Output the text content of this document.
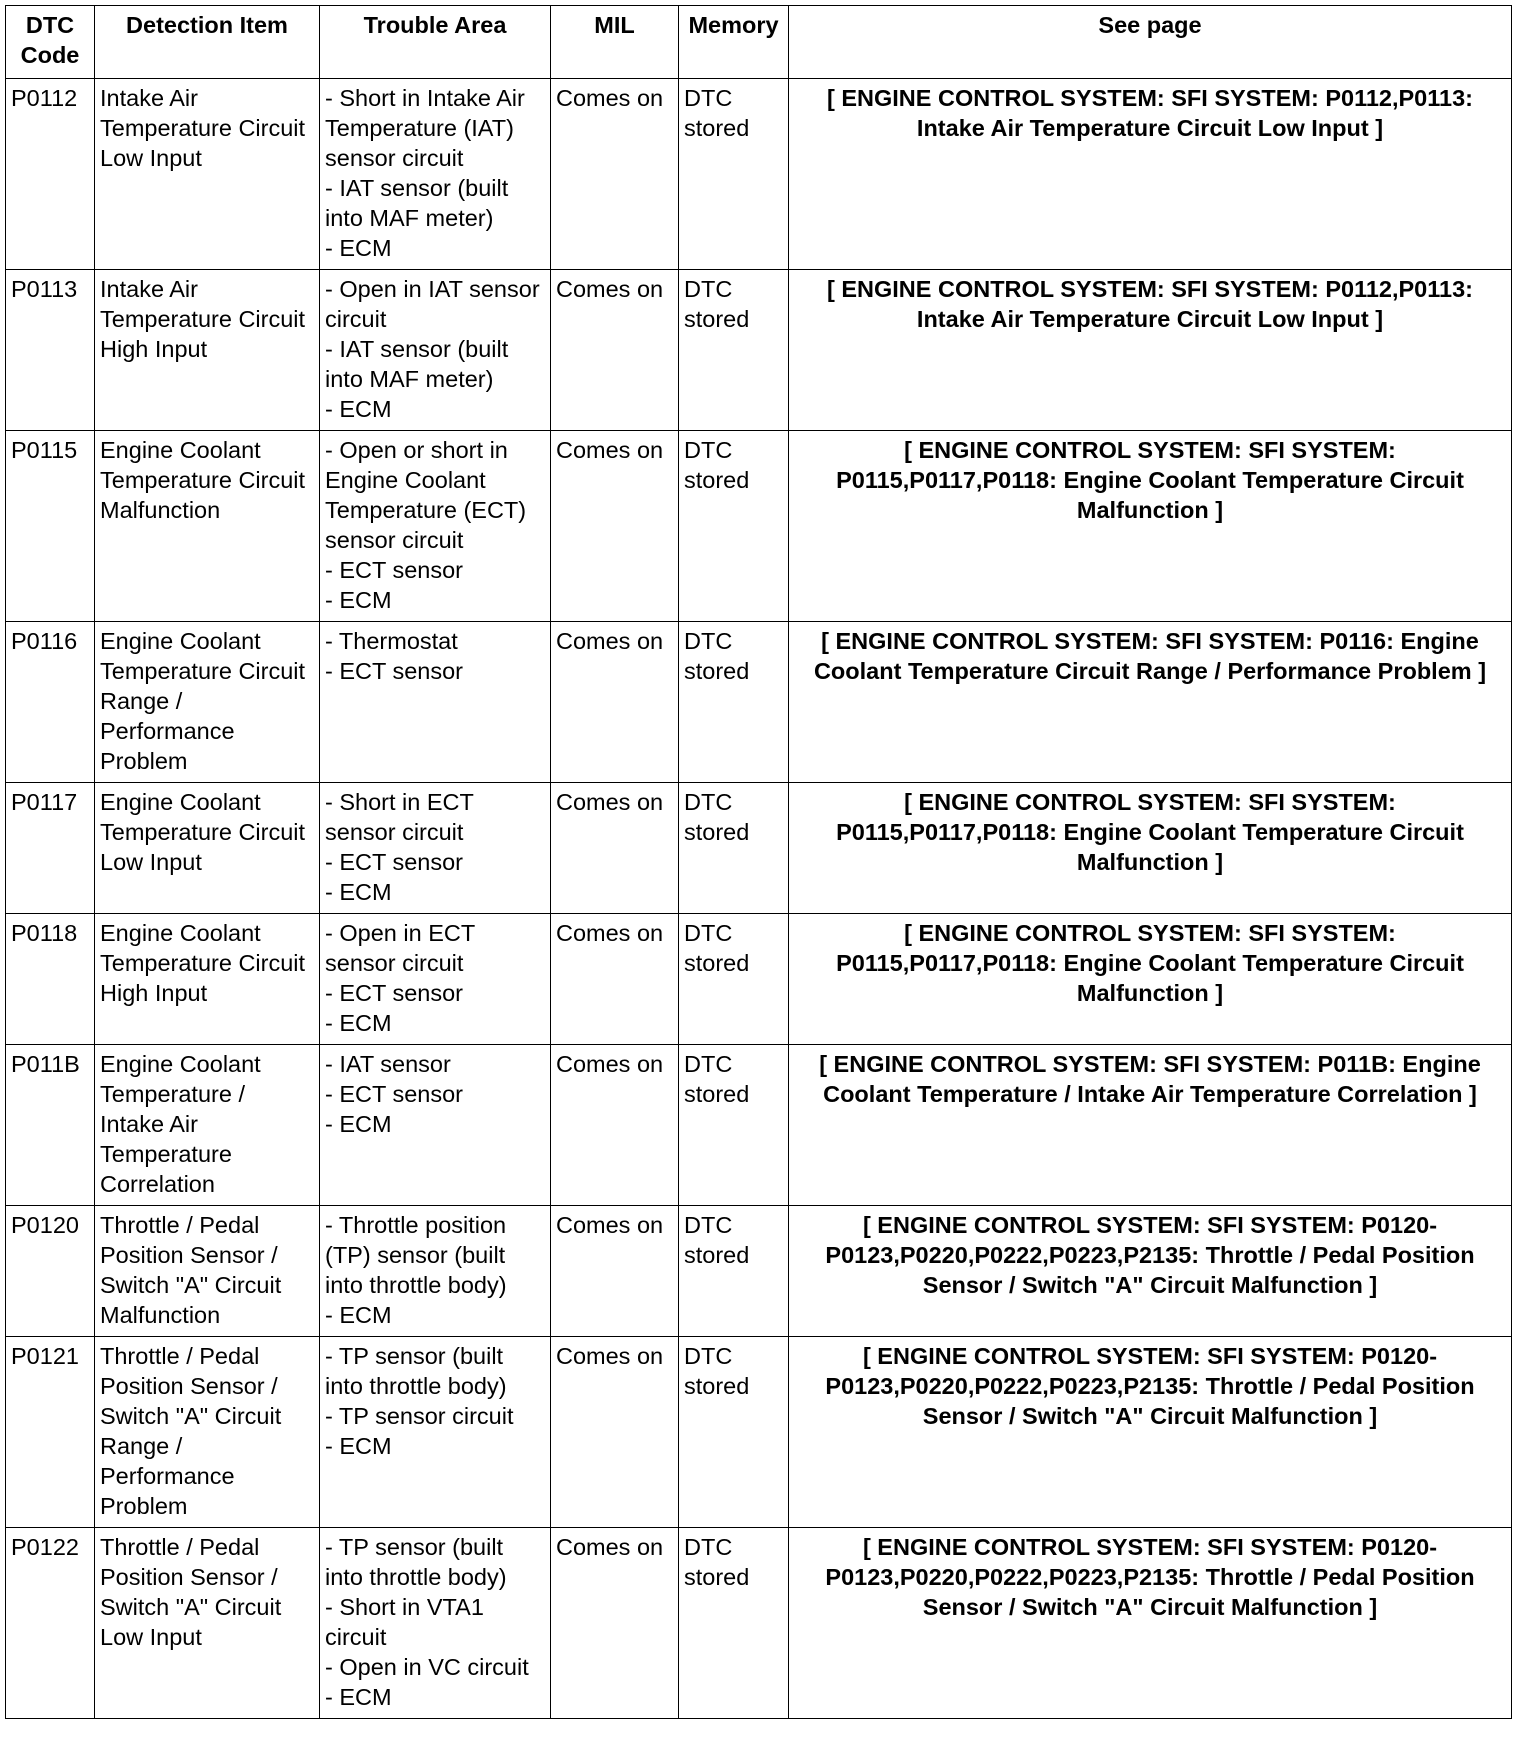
DTC Code	Detection Item	Trouble Area	MIL	Memory	See page
P0112	Intake Air Temperature Circuit Low Input	- Short in Intake Air Temperature (IAT) sensor circuit
- IAT sensor (built into MAF meter)
- ECM	Comes on	DTC stored	[ ENGINE CONTROL SYSTEM: SFI SYSTEM: P0112,P0113: Intake Air Temperature Circuit Low Input ]
P0113	Intake Air Temperature Circuit High Input	- Open in IAT sensor circuit
- IAT sensor (built into MAF meter)
- ECM	Comes on	DTC stored	[ ENGINE CONTROL SYSTEM: SFI SYSTEM: P0112,P0113: Intake Air Temperature Circuit Low Input ]
P0115	Engine Coolant Temperature Circuit Malfunction	- Open or short in Engine Coolant Temperature (ECT) sensor circuit
- ECT sensor
- ECM	Comes on	DTC stored	[ ENGINE CONTROL SYSTEM: SFI SYSTEM: P0115,P0117,P0118: Engine Coolant Temperature Circuit Malfunction ]
P0116	Engine Coolant Temperature Circuit Range / Performance Problem	- Thermostat
- ECT sensor	Comes on	DTC stored	[ ENGINE CONTROL SYSTEM: SFI SYSTEM: P0116: Engine Coolant Temperature Circuit Range / Performance Problem ]
P0117	Engine Coolant Temperature Circuit Low Input	- Short in ECT sensor circuit
- ECT sensor
- ECM	Comes on	DTC stored	[ ENGINE CONTROL SYSTEM: SFI SYSTEM: P0115,P0117,P0118: Engine Coolant Temperature Circuit Malfunction ]
P0118	Engine Coolant Temperature Circuit High Input	- Open in ECT sensor circuit
- ECT sensor
- ECM	Comes on	DTC stored	[ ENGINE CONTROL SYSTEM: SFI SYSTEM: P0115,P0117,P0118: Engine Coolant Temperature Circuit Malfunction ]
P011B	Engine Coolant Temperature / Intake Air Temperature Correlation	- IAT sensor
- ECT sensor
- ECM	Comes on	DTC stored	[ ENGINE CONTROL SYSTEM: SFI SYSTEM: P011B: Engine Coolant Temperature / Intake Air Temperature Correlation ]
P0120	Throttle / Pedal Position Sensor / Switch "A" Circuit Malfunction	- Throttle position (TP) sensor (built into throttle body)
- ECM	Comes on	DTC stored	[ ENGINE CONTROL SYSTEM: SFI SYSTEM: P0120-P0123,P0220,P0222,P0223,P2135: Throttle / Pedal Position Sensor / Switch "A" Circuit Malfunction ]
P0121	Throttle / Pedal Position Sensor / Switch "A" Circuit Range / Performance Problem	- TP sensor (built into throttle body)
- TP sensor circuit
- ECM	Comes on	DTC stored	[ ENGINE CONTROL SYSTEM: SFI SYSTEM: P0120-P0123,P0220,P0222,P0223,P2135: Throttle / Pedal Position Sensor / Switch "A" Circuit Malfunction ]
P0122	Throttle / Pedal Position Sensor / Switch "A" Circuit Low Input	- TP sensor (built into throttle body)
- Short in VTA1 circuit
- Open in VC circuit
- ECM	Comes on	DTC stored	[ ENGINE CONTROL SYSTEM: SFI SYSTEM: P0120-P0123,P0220,P0222,P0223,P2135: Throttle / Pedal Position Sensor / Switch "A" Circuit Malfunction ]
